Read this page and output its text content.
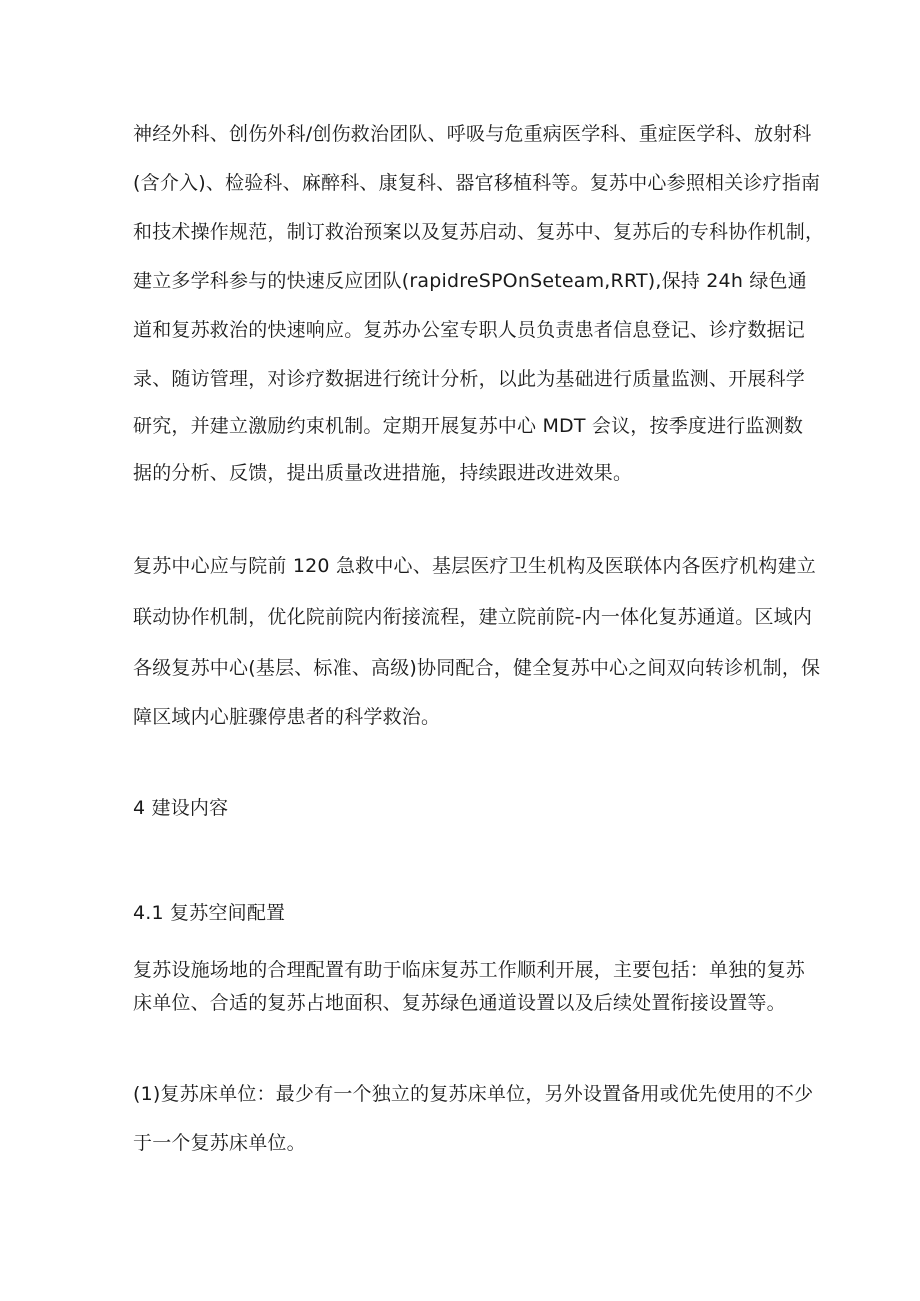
神经外科、创伤外科/创伤救治团队、呼吸与危重病医学科、重症医学科、放射科
(含介入)、检验科、麻醉科、康复科、器官移植科等。复苏中心参照相关诊疗指南
和技术操作规范，制订救治预案以及复苏启动、复苏中、复苏后的专科协作机制，
建立多学科参与的快速反应团队(rapidreSPOnSeteam,RRT),保持 24h 绿色通
道和复苏救治的快速响应。复苏办公室专职人员负责患者信息登记、诊疗数据记
录、随访管理，对诊疗数据进行统计分析，以此为基础进行质量监测、开展科学
研究，并建立激励约束机制。定期开展复苏中心 MDT 会议，按季度进行监测数
据的分析、反馈，提出质量改进措施，持续跟进改进效果。
复苏中心应与院前 120 急救中心、基层医疗卫生机构及医联体内各医疗机构建立
联动协作机制，优化院前院内衔接流程，建立院前院-内一体化复苏通道。区域内
各级复苏中心(基层、标准、高级)协同配合，健全复苏中心之间双向转诊机制，保
障区域内心脏骤停患者的科学救治。
4 建设内容
4.1 复苏空间配置
复苏设施场地的合理配置有助于临床复苏工作顺利开展，主要包括：单独的复苏
床单位、合适的复苏占地面积、复苏绿色通道设置以及后续处置衔接设置等。
(1)复苏床单位：最少有一个独立的复苏床单位，另外设置备用或优先使用的不少
于一个复苏床单位。
